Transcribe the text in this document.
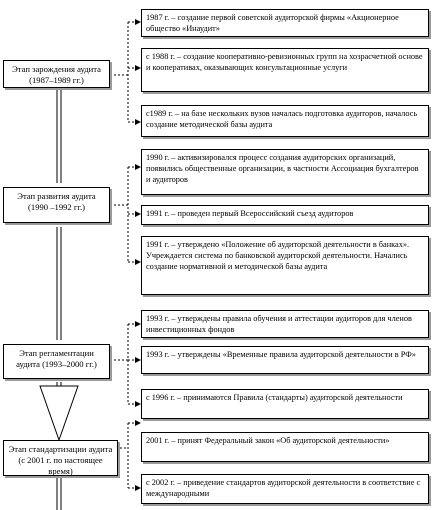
Этап зарождения аудита (1987–1989 гг.)
Этап развития аудита (1990 –1992 гг.)
Этап регламентации аудита (1993–2000 гг.)
Этап стандартизации аудита (с 2001 г. по настоящее время)
1987 г. – создание первой советской аудиторской фирмы «Акционерное общество «Инаудит»
с 1988 г. – создание кооперативно-ревизионных групп на хозрасчетной основе и кооперативах, оказывающих консультационные услуги
с1989 г. – на базе нескольких вузов началась подготовка аудиторов, началось создание методической базы аудита
1990 г. – активизировался процесс создания аудиторских организаций, появились общественные организации, в частности Ассоциация бухгалтеров и аудиторов
1991 г. – проведен первый Всероссийский съезд аудиторов
1991 г. – утверждено «Положение об аудиторской деятельности в банках». Учреждается система по банковской аудиторской деятельности. Начались создание нормативной и методической базы аудита
1993 г. – утверждены правила обучения и аттестации аудиторов для членов инвестиционных фондов
1993 г. – утверждены «Временные правила аудиторской деятельности в РФ»
с 1996 г. – принимаются Правила (стандарты) аудиторской деятельности
2001 г. – принят Федеральный закон «Об аудиторской деятельности»
с 2002 г. – приведение стандартов аудиторской деятельности в соответствие с международными
